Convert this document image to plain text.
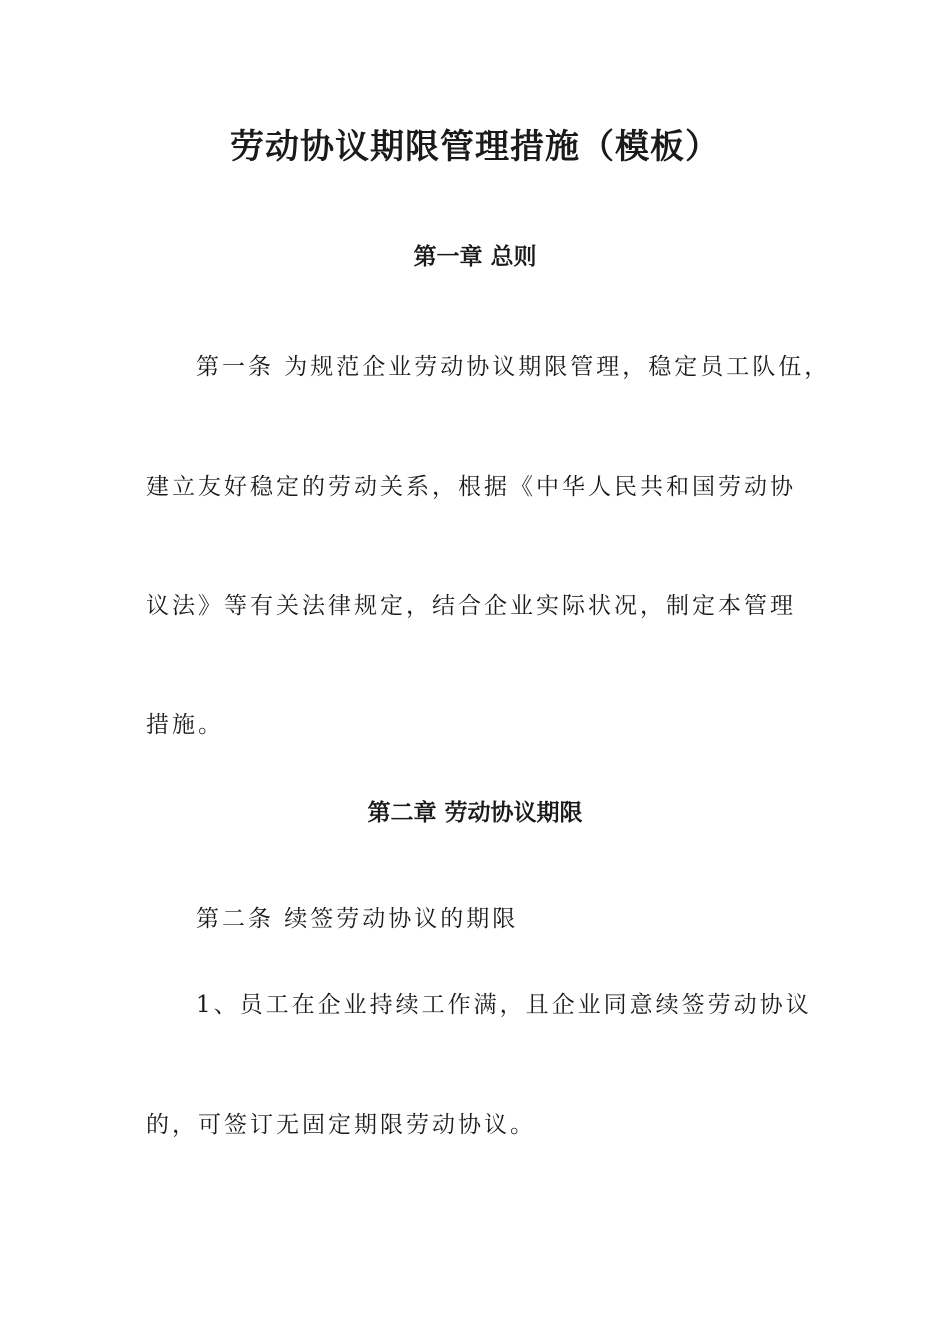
劳动协议期限管理措施（模板）
第一章 总则

第一条 为规范企业劳动协议期限管理，稳定员工队伍，

建立友好稳定的劳动关系，根据《中华人民共和国劳动协

议法》等有关法律规定，结合企业实际状况，制定本管理

措施。

第二章 劳动协议期限

第二条 续签劳动协议的期限

1、员工在企业持续工作满，且企业同意续签劳动协议

的，可签订无固定期限劳动协议。
